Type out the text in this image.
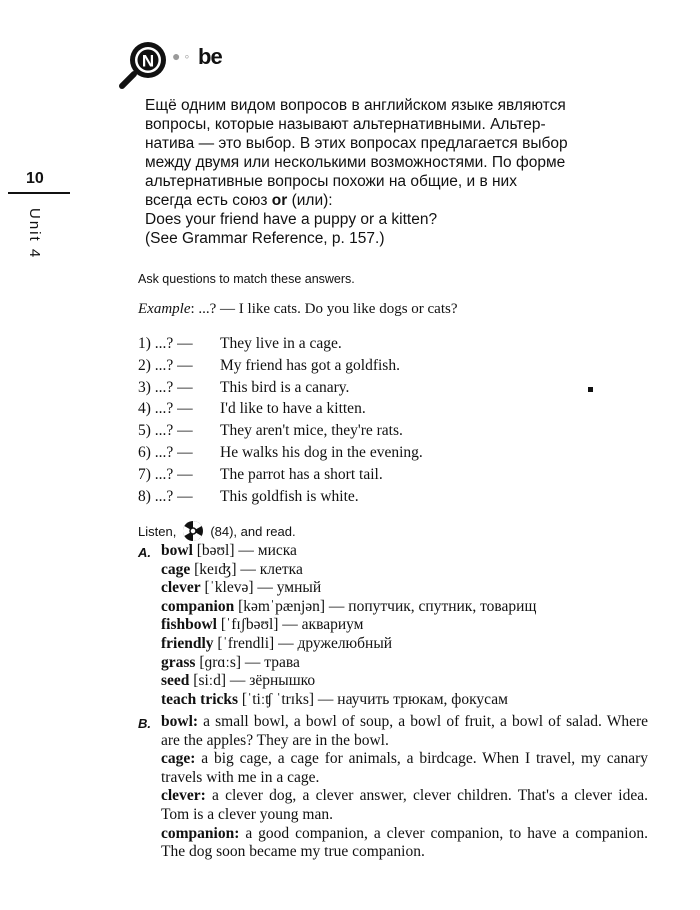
10
Unit 4
N ● ◦ be

Ещё одним видом вопросов в английском языке являются

вопросы, которые называют альтернативными. Альтер-

натива — это выбор. В этих вопросах предлагается выбор

между двумя или несколькими возможностями. По форме

альтернативные вопросы похожи на общие, и в них

всегда есть союз or (или):

Does your friend have a puppy or a kitten?

(See Grammar Reference, p. 157.)

Ask questions to match these answers.
Example: ...? — I like cats. Do you like dogs or cats?
1) ...? — They live in a cage.
2) ...? — My friend has got a goldfish.
3) ...? — This bird is a canary.
4) ...? — I'd like to have a kitten.
5) ...? — They aren't mice, they're rats.
6) ...? — He walks his dog in the evening.
7) ...? — The parrot has a short tail.
8) ...? — This goldfish is white.
Listen,	(84), and read.
A. bowl [bəʊl] — миска
cage [keɪʤ] — клетка
clever [ˈklevə] — умный
companion [kəmˈpænjən] — попутчик, спутник, товарищ
fishbowl [ˈfɪʃbəʊl] — аквариум
friendly [ˈfrendli] — дружелюбный
grass [ɡrɑːs] — трава
seed [siːd] — зёрнышко
teach tricks [ˈtiːʧ ˈtrɪks] — научить трюкам, фокусам
B. bowl: a small bowl, a bowl of soup, a bowl of fruit, a bowl of salad. Where are the apples? They are in the bowl.

cage: a big cage, a cage for animals, a birdcage. When I travel, my canary travels with me in a cage.

clever: a clever dog, a clever answer, clever children. That's a clever idea. Tom is a clever young man.

companion: a good companion, a clever companion, to have a companion. The dog soon became my true companion.
